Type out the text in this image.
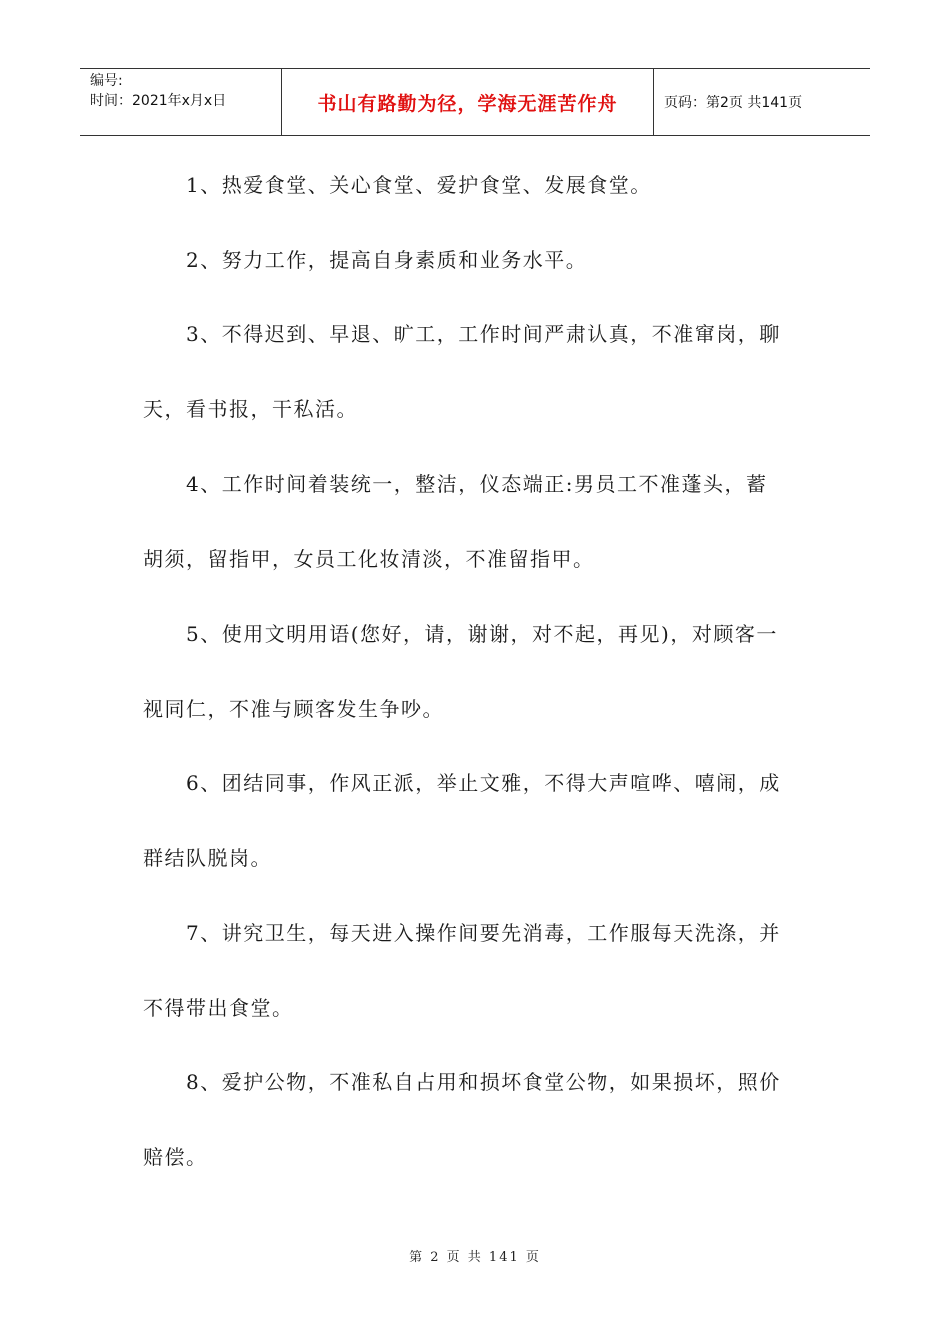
编号:
时间：2021年x月x日	书山有路勤为径，学海无涯苦作舟	页码：第2页 共141页
　　1、热爱食堂、关心食堂、爱护食堂、发展食堂。
　　2、努力工作，提高自身素质和业务水平。
　　3、不得迟到、早退、旷工，工作时间严肃认真，不准窜岗，聊
天，看书报，干私活。
　　4、工作时间着装统一，整洁，仪态端正:男员工不准蓬头，蓄
胡须，留指甲，女员工化妆清淡，不准留指甲。
　　5、使用文明用语(您好，请，谢谢，对不起，再见)，对顾客一
视同仁，不准与顾客发生争吵。
　　6、团结同事，作风正派，举止文雅，不得大声喧哗、嘻闹，成
群结队脱岗。
　　7、讲究卫生，每天进入操作间要先消毒，工作服每天洗涤，并
不得带出食堂。
　　8、爱护公物，不准私自占用和损坏食堂公物，如果损坏，照价
赔偿。
第 2 页 共 141 页
